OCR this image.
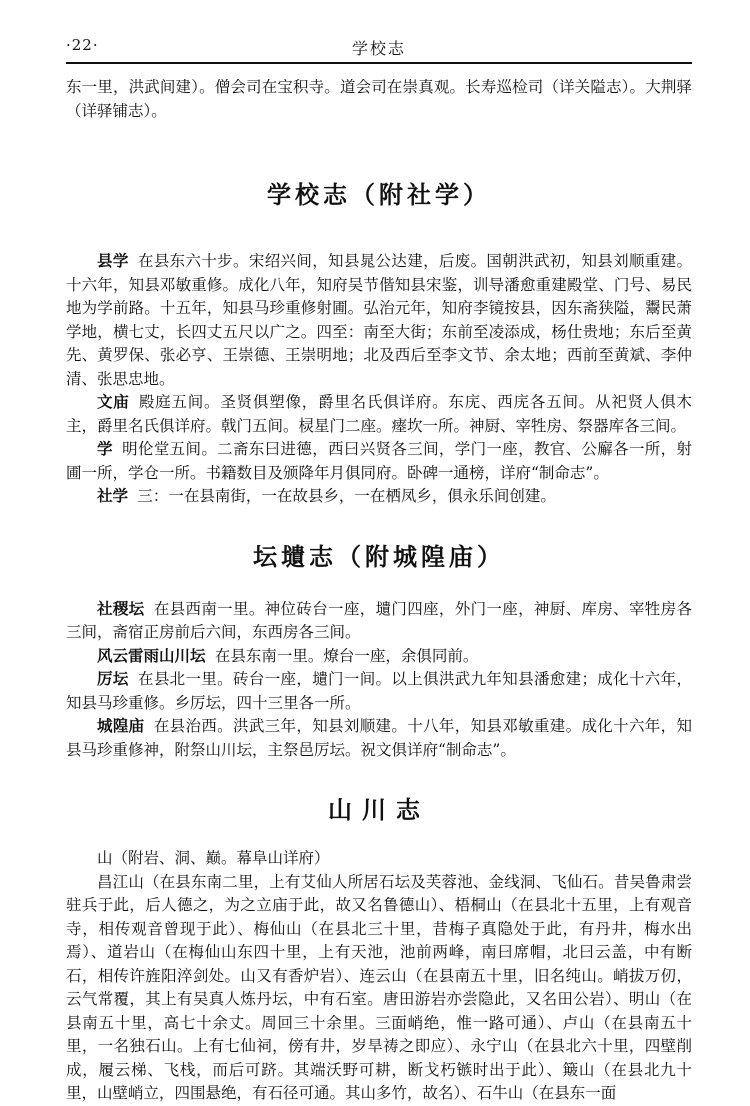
·22·	学校志

东一里，洪武间建）。僧会司在宝积寺。道会司在崇真观。长寿巡检司（详关隘志）。大荆驿（详驿铺志）。

学校志（附社学）

县学 在县东六十步。宋绍兴间，知县晁公达建，后废。国朝洪武初，知县刘顺重建。十六年，知县邓敏重修。成化八年，知府吴节偕知县宋鉴，训导潘愈重建殿堂、门号、易民地为学前路。十五年，知县马珍重修射圃。弘治元年，知府李镜按县，因东斋狭隘，鬻民萧学地，横七丈，长四丈五尺以广之。四至：南至大街；东前至凌添成，杨仕贵地；东后至黄先、黄罗保、张必亨、王崇德、王崇明地；北及西后至李文节、余太地；西前至黄斌、李仲清、张思忠地。

文庙 殿庭五间。圣贤俱塑像，爵里名氏俱详府。东庑、西庑各五间。从祀贤人俱木主，爵里名氏俱详府。戟门五间。棂星门二座。瘗坎一所。神厨、宰牲房、祭器库各三间。

学 明伦堂五间。二斋东曰进德，西曰兴贤各三间，学门一座，教官、公廨各一所，射圃一所，学仓一所。书籍数目及颁降年月俱同府。卧碑一通榜，详府“制命志”。

社学 三：一在县南街，一在故县乡，一在栖凤乡，俱永乐间创建。

坛壝志（附城隍庙）

社稷坛 在县西南一里。神位砖台一座，壝门四座，外门一座，神厨、库房、宰牲房各三间，斋宿正房前后六间，东西房各三间。

风云雷雨山川坛 在县东南一里。燎台一座，余俱同前。

厉坛 在县北一里。砖台一座，壝门一间。以上俱洪武九年知县潘愈建；成化十六年，知县马珍重修。乡厉坛，四十三里各一所。

城隍庙 在县治西。洪武三年，知县刘顺建。十八年，知县邓敏重建。成化十六年，知县马珍重修神，附祭山川坛，主祭邑厉坛。祝文俱详府“制命志”。

山川志

山（附岩、洞、巅。幕阜山详府）

昌江山（在县东南二里，上有艾仙人所居石坛及芙蓉池、金线洞、飞仙石。昔吴鲁肃尝驻兵于此，后人德之，为之立庙于此，故又名鲁德山）、梧桐山（在县北十五里，上有观音寺，相传观音曾现于此）、梅仙山（在县北三十里，昔梅子真隐处于此，有丹井，梅水出焉）、道岩山（在梅仙山东四十里，上有天池，池前两峰，南曰席帽，北曰云盖，中有断石，相传许旌阳淬剑处。山又有香炉岩）、连云山（在县南五十里，旧名纯山。峭拔万仞，云气常覆，其上有吴真人炼丹坛，中有石室。唐田游岩亦尝隐此，又名田公岩）、明山（在县南五十里，高七十余丈。周回三十余里。三面峭绝，惟一路可通）、卢山（在县南五十里，一名独石山。上有七仙祠，傍有井，岁旱祷之即应）、永宁山（在县北六十里，四壁削成，履云梯、飞栈，而后可跻。其端沃野可耕，断戈朽镞时出于此）、簸山（在县北九十里，山壁峭立，四围悬绝，有石径可通。其山多竹，故名）、石牛山（在县东一面
